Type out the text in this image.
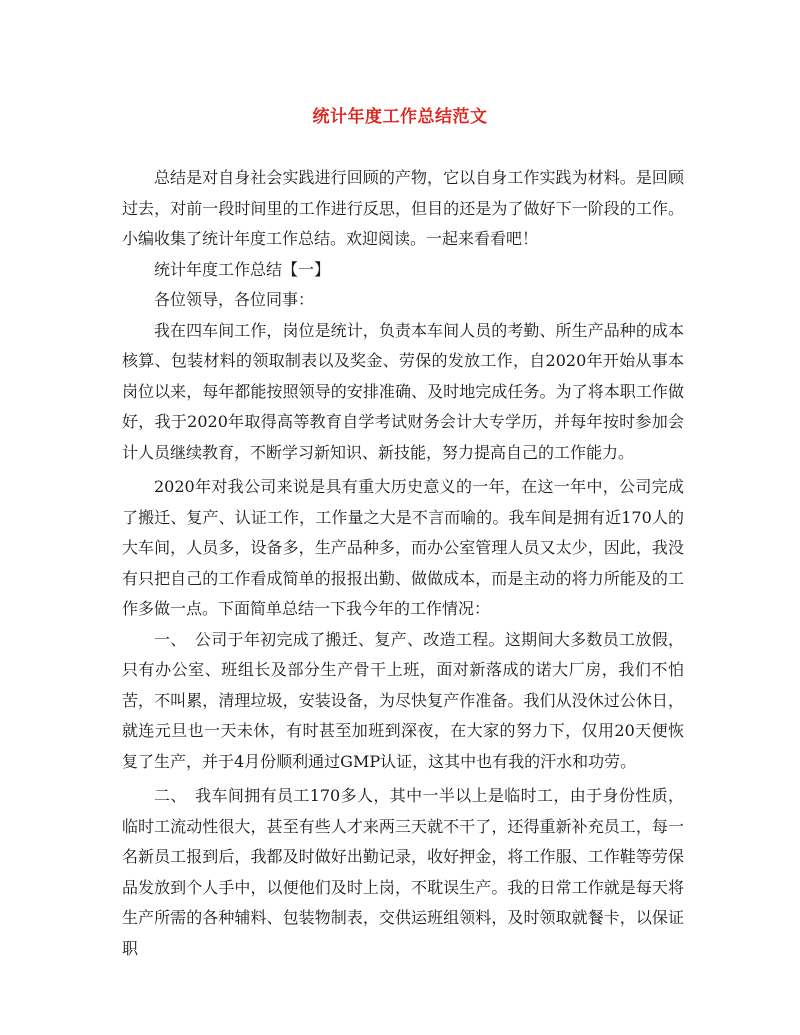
统计年度工作总结范文

总结是对自身社会实践进行回顾的产物，它以自身工作实践为材料。是回顾过去，对前一段时间里的工作进行反思，但目的还是为了做好下一阶段的工作。小编收集了统计年度工作总结。欢迎阅读。一起来看看吧！

统计年度工作总结【一】

各位领导，各位同事：

我在四车间工作，岗位是统计，负责本车间人员的考勤、所生产品种的成本核算、包装材料的领取制表以及奖金、劳保的发放工作，自2020年开始从事本岗位以来，每年都能按照领导的安排准确、及时地完成任务。为了将本职工作做好，我于2020年取得高等教育自学考试财务会计大专学历，并每年按时参加会计人员继续教育，不断学习新知识、新技能，努力提高自己的工作能力。

2020年对我公司来说是具有重大历史意义的一年，在这一年中，公司完成了搬迁、复产、认证工作，工作量之大是不言而喻的。我车间是拥有近170人的大车间，人员多，设备多，生产品种多，而办公室管理人员又太少，因此，我没有只把自己的工作看成简单的报报出勤、做做成本，而是主动的将力所能及的工作多做一点。下面简单总结一下我今年的工作情况：

一、　公司于年初完成了搬迁、复产、改造工程。这期间大多数员工放假，只有办公室、班组长及部分生产骨干上班，面对新落成的诺大厂房，我们不怕苦，不叫累，清理垃圾，安装设备，为尽快复产作准备。我们从没休过公休日，就连元旦也一天未休，有时甚至加班到深夜，在大家的努力下，仅用20天便恢复了生产，并于4月份顺利通过GMP认证，这其中也有我的汗水和功劳。

二、　我车间拥有员工170多人，其中一半以上是临时工，由于身份性质，临时工流动性很大，甚至有些人才来两三天就不干了，还得重新补充员工，每一名新员工报到后，我都及时做好出勤记录，收好押金，将工作服、工作鞋等劳保品发放到个人手中，以便他们及时上岗，不耽误生产。我的日常工作就是每天将生产所需的各种辅料、包装物制表，交供运班组领料，及时领取就餐卡，以保证职
